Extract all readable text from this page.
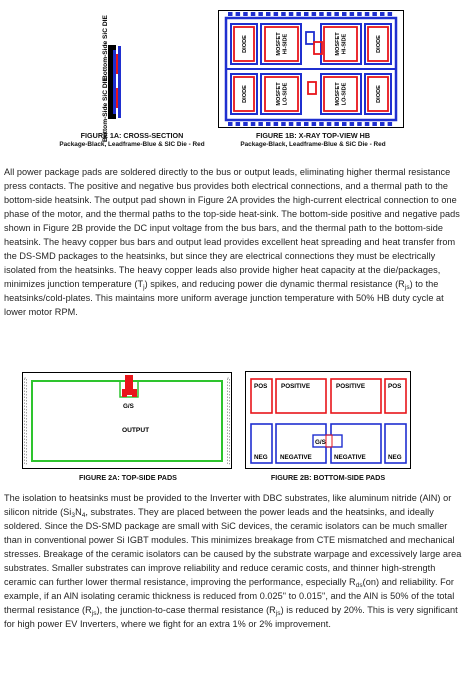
Bottom-Side SiC DIE
Bottom-Side SiC DIE
FIGURE 1A: CROSS-SECTION
Package-Black, Leadframe-Blue & SIC Die - Red
DIODE	MOSFETHI-SIDE	MOSFETHI-SIDE	DIODE
DIODE	MOSFETLO-SIDE	MOSFETLO-SIDE	DIODE
FIGURE 1B: X-RAY TOP-VIEW HB
Package-Black, Leadframe-Blue & SiC Die - Red

All power package pads are soldered directly to the bus or output leads, eliminating higher thermal resistance press contacts. The positive and negative bus provides both electrical connections, and a thermal path to the bottom-side heatsink. The output pad shown in Figure 2A provides the high-current electrical connection to one phase of the motor, and the thermal paths to the top-side heat-sink. The bottom-side positive and negative pads shown in Figure 2B provide the DC input voltage from the bus bars, and the thermal path to the bottom-side heatsink. The heavy copper bus bars and output lead provides excellent heat spreading and heat transfer from the DS-SMD packages to the heatsinks, but since they are electrical connections they must be electrically isolated from the heatsinks. The heavy copper leads also provide higher heat capacity at the die/packages, minimizes junction temperature $(T_j)$ spikes, and reducing power die dynamic thermal resistance $(R_{js})$ to the heatsinks/cold-plates. This maintains more uniform average junction temperature with 50% HB duty cycle at lower motor RPM.

G/S
OUTPUT
FIGURE 2A: TOP-SIDE PADS
POS POSITIVE	POSITIVE	POS
NEG NEGATIVE	NEGATIVE	NEG
G/S
FIGURE 2B: BOTTOM-SIDE PADS

The isolation to heatsinks must be provided to the Inverter with DBC substrates, like aluminum nitride (AlN) or silicon nitride ($Si_3N_4$, substrates. They are placed between the power leads and the heatsinks, and ideally soldered. Since the DS-SMD package are small with SiC devices, the ceramic isolators can be much smaller than in conventional power Si IGBT modules. This minimizes breakage from CTE mismatched and mechanical stresses. Breakage of the ceramic isolators can be caused by the substrate warpage and excessively large area substrates. Smaller substrates can improve reliability and reduce ceramic costs, and thinner high-strength ceramic can further lower thermal resistance, improving the performance, especially $R_{ds}(on)$ and reliability. For example, if an AlN isolating ceramic thickness is reduced from 0.025" to 0.015", and the AlN is 50% of the total thermal resistance $(R_{js})$, the junction-to-case thermal resistance $(R_{js})$ is reduced by 20%. This is very significant for high power EV Inverters, where we fight for an extra 1% or 2% improvement.
